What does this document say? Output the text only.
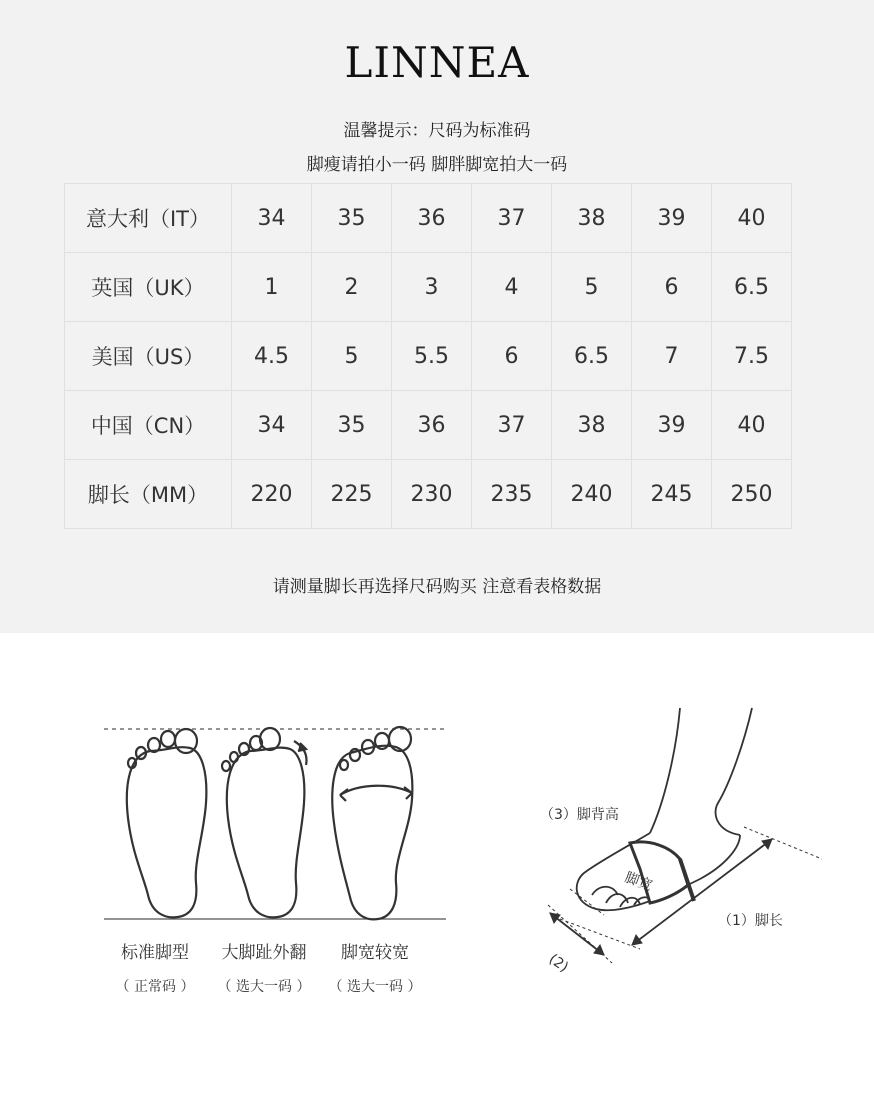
LINNEA
温馨提示：尺码为标准码
脚瘦请拍小一码 脚胖脚宽拍大一码
意大利（IT）	34	35	36	37	38	39	40
英国（UK）	1	2	3	4	5	6	6.5
美国（US）	4.5	5	5.5	6	6.5	7	7.5
中国（CN）	34	35	36	37	38	39	40
脚长（MM）	220	225	230	235	240	245	250
请测量脚长再选择尺码购买 注意看表格数据
标准脚型
（ 正常码 ）
大脚趾外翻
（ 选大一码 ）
脚宽较宽
（ 选大一码 ）
（3）脚背高
脚宽
（1）脚长
(2)
